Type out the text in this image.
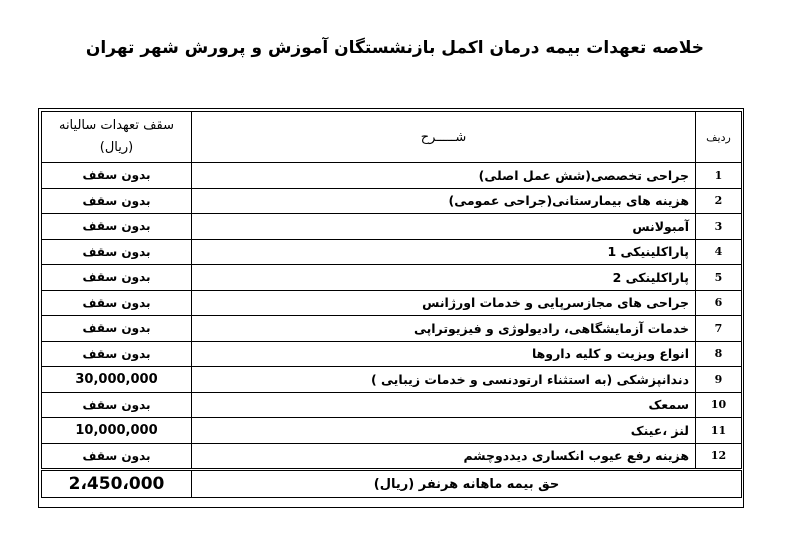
خلاصه تعهدات بیمه درمان اکمل بازنشستگان آموزش و پرورش شهر تهران
ردیف	شـــــرح	سقف تعهدات سالیانه
(ریال)

1	جراحی تخصصی(شش عمل اصلی)	بدون سقف
2	هزینه های بیمارستانی(جراحی عمومی)	بدون سقف
3	آمبولانس	بدون سقف
4	پاراکلینیکی 1	بدون سقف
5	پاراکلینکی 2	بدون سقف
6	جراحی های مجازسرپایی و خدمات اورژانس	بدون سقف
7	خدمات آزمایشگاهی، رادیولوژی و فیزیوتراپی	بدون سقف
8	انواع ویزیت و کلیه داروها	بدون سقف
9	دندانپزشکی (به استثناء ارتودنسی و خدمات زیبایی )	30,000,000
10	سمعک	بدون سقف
11	لنز ،عینک	10,000,000
12	هزینه رفع عیوب انکساری دیددوچشم	بدون سقف
حق بیمه ماهانه هرنفر (ریال)		2،450،000
